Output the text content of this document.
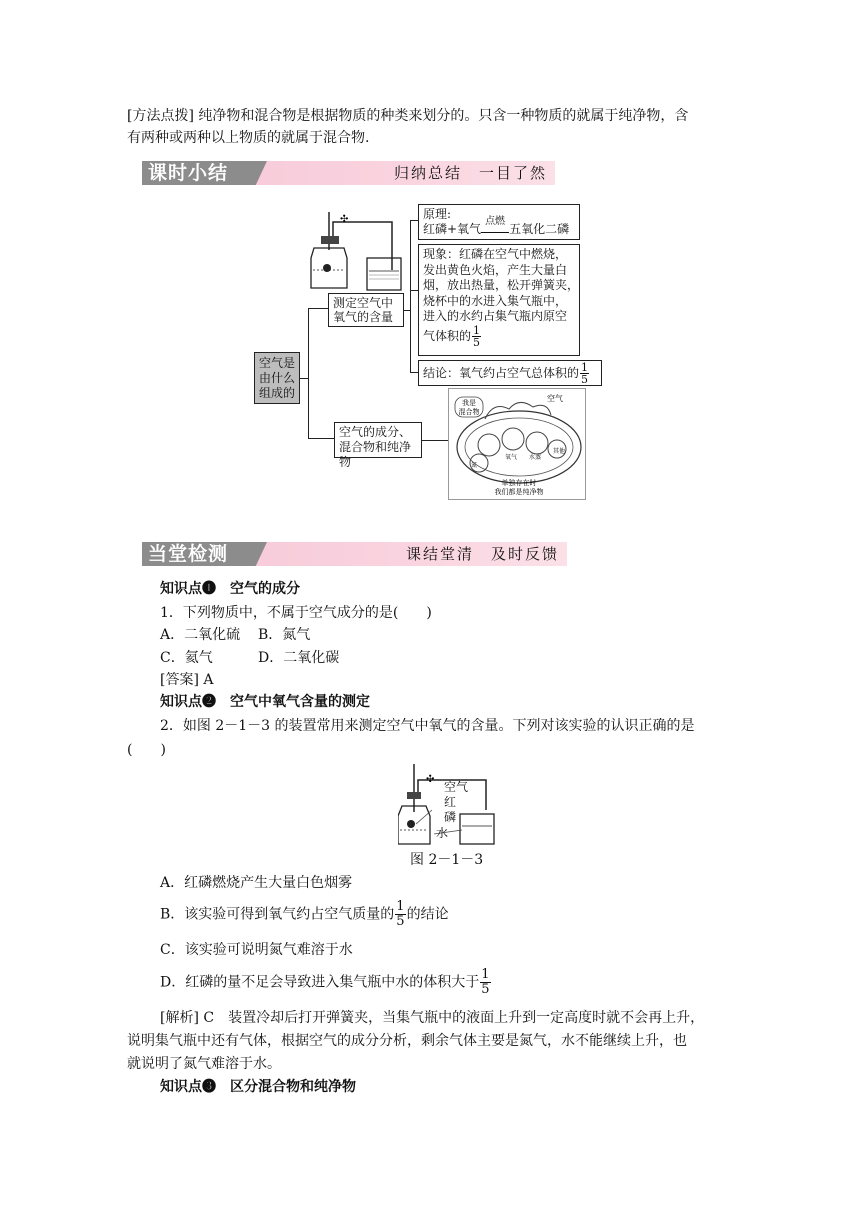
[方法点拨] 纯净物和混合物是根据物质的种类来划分的。只含一种物质的就属于纯净物，含
有两种或两种以上物质的就属于混合物.
课时小结	归纳总结　一目了然
✣
空气是由什么组成的
测定空气中氧气的含量
原理:
红磷+氧气
点燃
五氧化二磷
现象：红磷在空气中燃烧，
发出黄色火焰，产生大量白
烟，放出热量，松开弹簧夹，
烧杯中的水进入集气瓶中，
进入的水约占集气瓶内原空
气体积的 $\frac{1}{5}$
结论：氧气约占空气总体积的 $\frac{1}{5}$
空气的成分、混合物和纯净物
我是
混合物
空气
氧气 水蒸
氮
其他
单独存在时
我们都是纯净物
当堂检测	课结堂清　及时反馈
知识点❶　空气的成分
1．下列物质中，不属于空气成分的是(　　)
A．二氧化硫 B．氮气
C．氦气	D．二氧化碳
[答案] A
知识点❷　空气中氧气含量的测定
2．如图 2－1－3 的装置常用来测定空气中氧气的含量。下列对该实验的认识正确的是
(　　)
✣
空气
红
磷
水
图 2－1－3
A．红磷燃烧产生大量白色烟雾
B．该实验可得到氧气约占空气质量的 $\frac{1}{5}$ 的结论
C．该实验可说明氮气难溶于水
D．红磷的量不足会导致进入集气瓶中水的体积大于 $\frac{1}{5}$
[解析] C　装置冷却后打开弹簧夹，当集气瓶中的液面上升到一定高度时就不会再上升，
说明集气瓶中还有气体，根据空气的成分分析，剩余气体主要是氮气，水不能继续上升，也
就说明了氮气难溶于水。
知识点❸　区分混合物和纯净物
